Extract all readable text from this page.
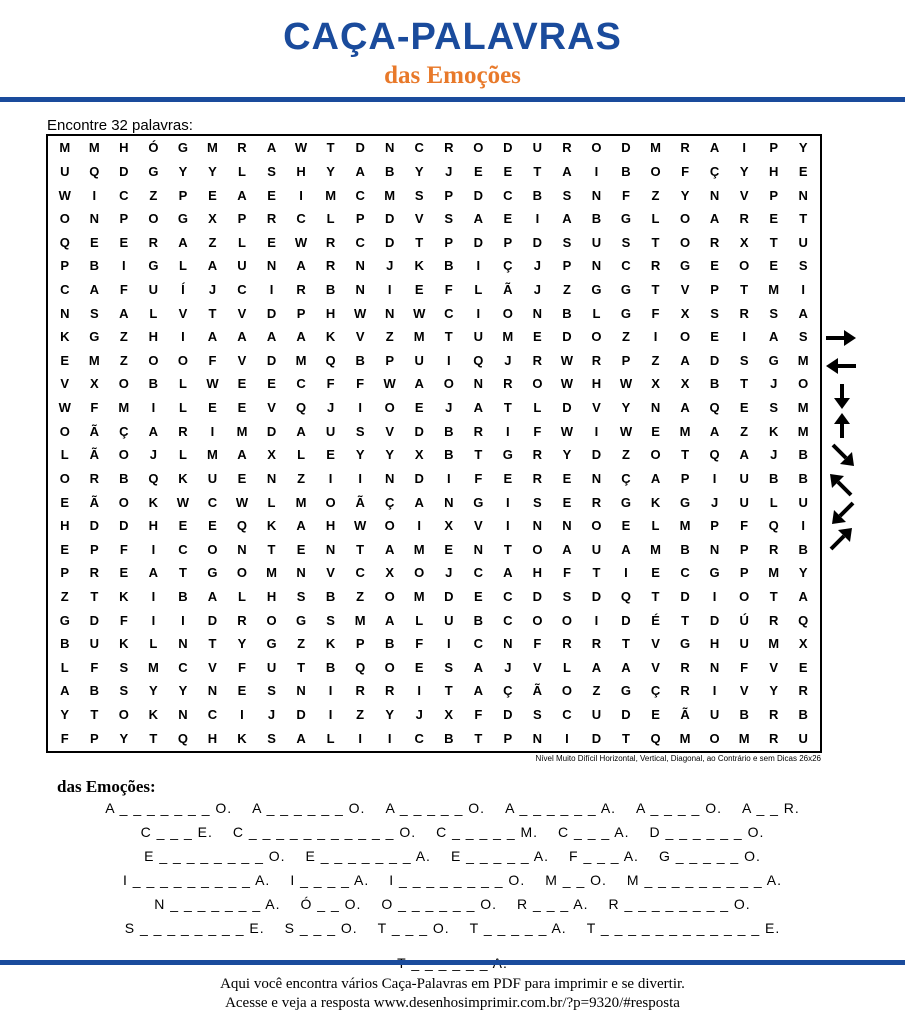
CAÇA-PALAVRAS
das Emoções
Encontre 32 palavras:
M	M	H	Ó	G	M	R	A	W	T	D	N	C	R	O	D	U	R	O	D	M	R	A	I	P	Y
U	Q	D	G	Y	Y	L	S	H	Y	A	B	Y	J	E	E	T	A	I	B	O	F	Ç	Y	H	E
W	I	C	Z	P	E	A	E	I	M	C	M	S	P	D	C	B	S	N	F	Z	Y	N	V	P	N
O	N	P	O	G	X	P	R	C	L	P	D	V	S	A	E	I	A	B	G	L	O	A	R	E	T
Q	E	E	R	A	Z	L	E	W	R	C	D	T	P	D	P	D	S	U	S	T	O	R	X	T	U
P	B	I	G	L	A	U	N	A	R	N	J	K	B	I	Ç	J	P	N	C	R	G	E	O	E	S
C	A	F	U	Í	J	C	I	R	B	N	I	E	F	L	Ã	J	Z	G	G	T	V	P	T	M	I
N	S	A	L	V	T	V	D	P	H	W	N	W	C	I	O	N	B	L	G	F	X	S	R	S	A
K	G	Z	H	I	A	A	A	A	K	V	Z	M	T	U	M	E	D	O	Z	I	O	E	I	A	S
E	M	Z	O	O	F	V	D	M	Q	B	P	U	I	Q	J	R	W	R	P	Z	A	D	S	G	M
V	X	O	B	L	W	E	E	C	F	F	W	A	O	N	R	O	W	H	W	X	X	B	T	J	O
W	F	M	I	L	E	E	V	Q	J	I	O	E	J	A	T	L	D	V	Y	N	A	Q	E	S	M
O	Ã	Ç	A	R	I	M	D	A	U	S	V	D	B	R	I	F	W	I	W	E	M	A	Z	K	M
L	Ã	O	J	L	M	A	X	L	E	Y	Y	X	B	T	G	R	Y	D	Z	O	T	Q	A	J	B
O	R	B	Q	K	U	E	N	Z	I	I	N	D	I	F	E	R	E	N	Ç	A	P	I	U	B	B
E	Ã	O	K	W	C	W	L	M	O	Ã	Ç	A	N	G	I	S	E	R	G	K	G	J	U	L	U
H	D	D	H	E	E	Q	K	A	H	W	O	I	X	V	I	N	N	O	E	L	M	P	F	Q	I
E	P	F	I	C	O	N	T	E	N	T	A	M	E	N	T	O	A	U	A	M	B	N	P	R	B
P	R	E	A	T	G	O	M	N	V	C	X	O	J	C	A	H	F	T	I	E	C	G	P	M	Y
Z	T	K	I	B	A	L	H	S	B	Z	O	M	D	E	C	D	S	D	Q	T	D	I	O	T	A
G	D	F	I	I	D	R	O	G	S	M	A	L	U	B	C	O	O	I	D	É	T	D	Ú	R	Q
B	U	K	L	N	T	Y	G	Z	K	P	B	F	I	C	N	F	R	R	T	V	G	H	U	M	X
L	F	S	M	C	V	F	U	T	B	Q	O	E	S	A	J	V	L	A	A	V	R	N	F	V	E
A	B	S	Y	Y	N	E	S	N	I	R	R	I	T	A	Ç	Ã	O	Z	G	Ç	R	I	V	Y	R
Y	T	O	K	N	C	I	J	D	I	Z	Y	J	X	F	D	S	C	U	D	E	Ã	U	B	R	B
F	P	Y	T	Q	H	K	S	A	L	I	I	C	B	T	P	N	I	D	T	Q	M	O	M	R	U
Nível Muito Difícil Horizontal, Vertical, Diagonal, ao Contrário e sem Dicas 26x26
das Emoções:
A _ _ _ _ _ _ _ O. A _ _ _ _ _ _ O. A _ _ _ _ _ O. A _ _ _ _ _ _ A. A _ _ _ _ O. A _ _ R.
C _ _ _ E. C _ _ _ _ _ _ _ _ _ _ _ O. C _ _ _ _ _ M. C _ _ _ A. D _ _ _ _ _ _ O.
E _ _ _ _ _ _ _ _ O. E _ _ _ _ _ _ _ A. E _ _ _ _ _ A. F _ _ _ A. G _ _ _ _ _ O.
I _ _ _ _ _ _ _ _ _ A. I _ _ _ _ A. I _ _ _ _ _ _ _ _ O. M _ _ O. M _ _ _ _ _ _ _ _ _ A.
N _ _ _ _ _ _ _ A. Ó _ _ O. O _ _ _ _ _ _ O. R _ _ _ A. R _ _ _ _ _ _ _ _ O.
S _ _ _ _ _ _ _ _ E. S _ _ _ O. T _ _ _ O. T _ _ _ _ _ A. T _ _ _ _ _ _ _ _ _ _ _ _ E.
Aqui você encontra vários Caça-Palavras em PDF para imprimir e se divertir.
Acesse e veja a resposta www.desenhosimprimir.com.br/?p=9320/#resposta
